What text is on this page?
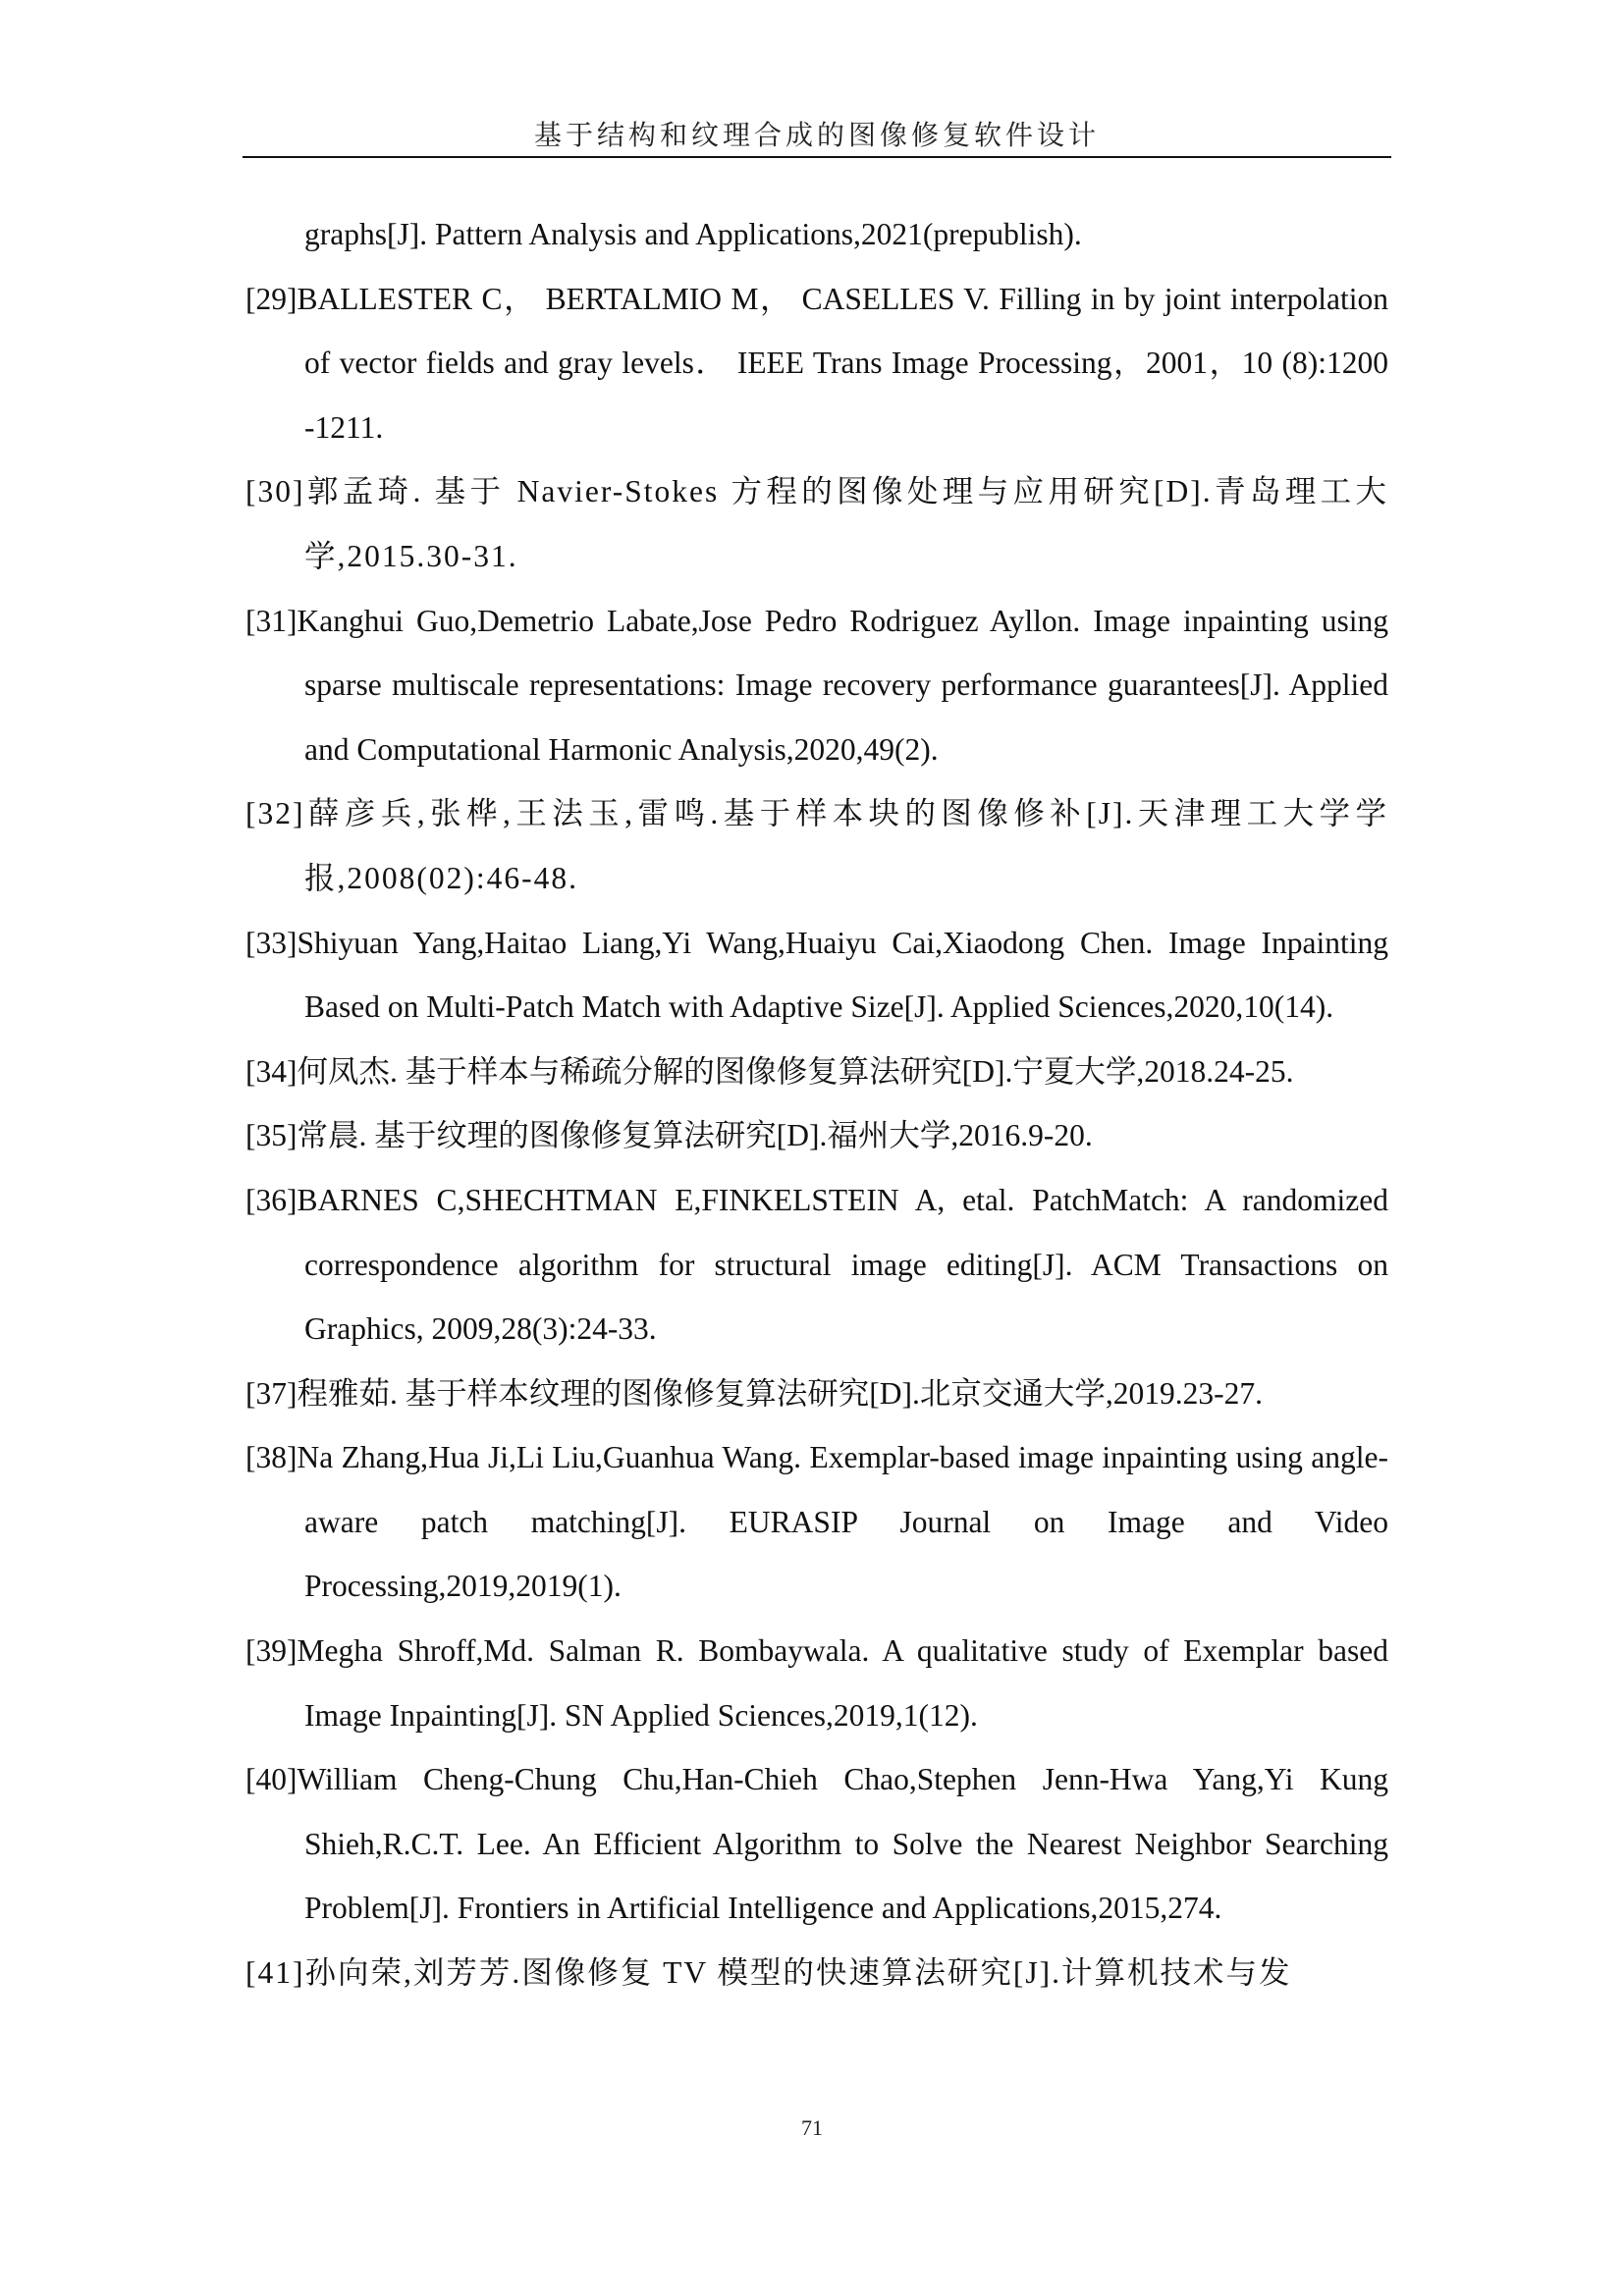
基于结构和纹理合成的图像修复软件设计
graphs[J]. Pattern Analysis and Applications,2021(prepublish).
[29]BALLESTER C， BERTALMIO M， CASELLES V. Filling in by joint interpolation of vector fields and gray levels． IEEE Trans Image Processing，2001，10 (8):1200 -1211.
[30]郭孟琦. 基于 Navier-Stokes 方程的图像处理与应用研究[D].青岛理工大学,2015.30-31.
[31]Kanghui Guo,Demetrio Labate,Jose Pedro Rodriguez Ayllon. Image inpainting using sparse multiscale representations: Image recovery performance guarantees[J]. Applied and Computational Harmonic Analysis,2020,49(2).
[32]薛彦兵,张桦,王法玉,雷鸣.基于样本块的图像修补[J].天津理工大学学报,2008(02):46-48.
[33]Shiyuan Yang,Haitao Liang,Yi Wang,Huaiyu Cai,Xiaodong Chen. Image Inpainting Based on Multi-Patch Match with Adaptive Size[J]. Applied Sciences,2020,10(14).
[34]何凤杰. 基于样本与稀疏分解的图像修复算法研究[D].宁夏大学,2018.24-25.
[35]常晨. 基于纹理的图像修复算法研究[D].福州大学,2016.9-20.
[36]BARNES C,SHECHTMAN E,FINKELSTEIN A, etal. PatchMatch: A randomized correspondence algorithm for structural image editing[J]. ACM Transactions on Graphics, 2009,28(3):24-33.
[37]程雅茹. 基于样本纹理的图像修复算法研究[D].北京交通大学,2019.23-27.
[38]Na Zhang,Hua Ji,Li Liu,Guanhua Wang. Exemplar-based image inpainting using angle-aware patch matching[J]. EURASIP Journal on Image and Video Processing,2019,2019(1).
[39]Megha Shroff,Md. Salman R. Bombaywala. A qualitative study of Exemplar based Image Inpainting[J]. SN Applied Sciences,2019,1(12).
[40]William Cheng-Chung Chu,Han-Chieh Chao,Stephen Jenn-Hwa Yang,Yi Kung Shieh,R.C.T. Lee. An Efficient Algorithm to Solve the Nearest Neighbor Searching Problem[J]. Frontiers in Artificial Intelligence and Applications,2015,274.
[41]孙向荣,刘芳芳.图像修复 TV 模型的快速算法研究[J].计算机技术与发
71
